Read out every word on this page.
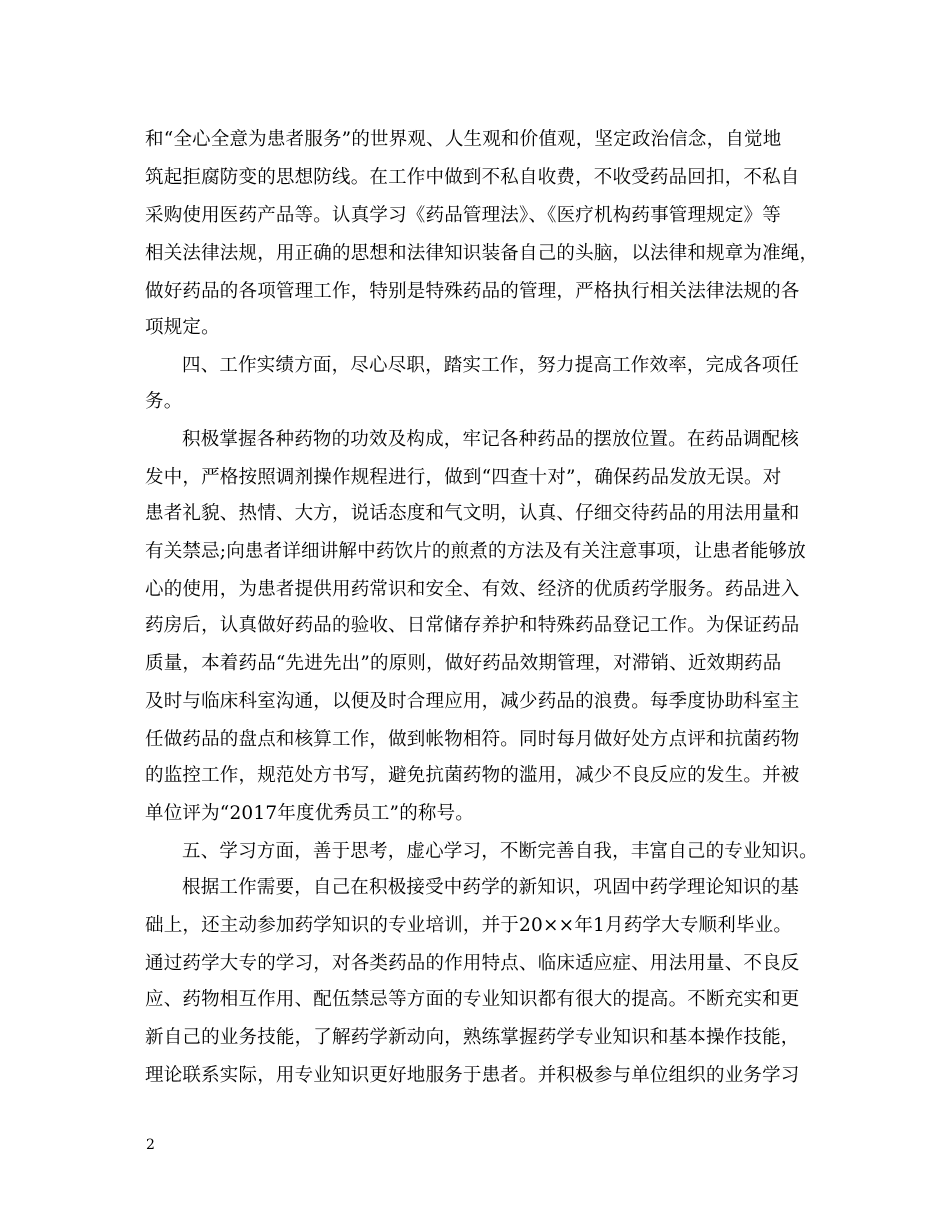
和“全心全意为患者服务”的世界观、人生观和价值观，坚定政治信念，自觉地
筑起拒腐防变的思想防线。在工作中做到不私自收费，不收受药品回扣，不私自
采购使用医药产品等。认真学习《药品管理法》、《医疗机构药事管理规定》等
相关法律法规，用正确的思想和法律知识装备自己的头脑，以法律和规章为准绳，
做好药品的各项管理工作，特别是特殊药品的管理，严格执行相关法律法规的各
项规定。
四、工作实绩方面，尽心尽职，踏实工作，努力提高工作效率，完成各项任
务。
积极掌握各种药物的功效及构成，牢记各种药品的摆放位置。在药品调配核
发中，严格按照调剂操作规程进行，做到“四查十对”，确保药品发放无误。对
患者礼貌、热情、大方，说话态度和气文明，认真、仔细交待药品的用法用量和
有关禁忌;向患者详细讲解中药饮片的煎煮的方法及有关注意事项，让患者能够放
心的使用，为患者提供用药常识和安全、有效、经济的优质药学服务。药品进入
药房后，认真做好药品的验收、日常储存养护和特殊药品登记工作。为保证药品
质量，本着药品“先进先出”的原则，做好药品效期管理，对滞销、近效期药品
及时与临床科室沟通，以便及时合理应用，减少药品的浪费。每季度协助科室主
任做药品的盘点和核算工作，做到帐物相符。同时每月做好处方点评和抗菌药物
的监控工作，规范处方书写，避免抗菌药物的滥用，减少不良反应的发生。并被
单位评为“2017年度优秀员工”的称号。
五、学习方面，善于思考，虚心学习，不断完善自我，丰富自己的专业知识。
根据工作需要，自己在积极接受中药学的新知识，巩固中药学理论知识的基
础上，还主动参加药学知识的专业培训，并于20××年1月药学大专顺利毕业。
通过药学大专的学习，对各类药品的作用特点、临床适应症、用法用量、不良反
应、药物相互作用、配伍禁忌等方面的专业知识都有很大的提高。不断充实和更
新自己的业务技能，了解药学新动向，熟练掌握药学专业知识和基本操作技能，
理论联系实际，用专业知识更好地服务于患者。并积极参与单位组织的业务学习
2
